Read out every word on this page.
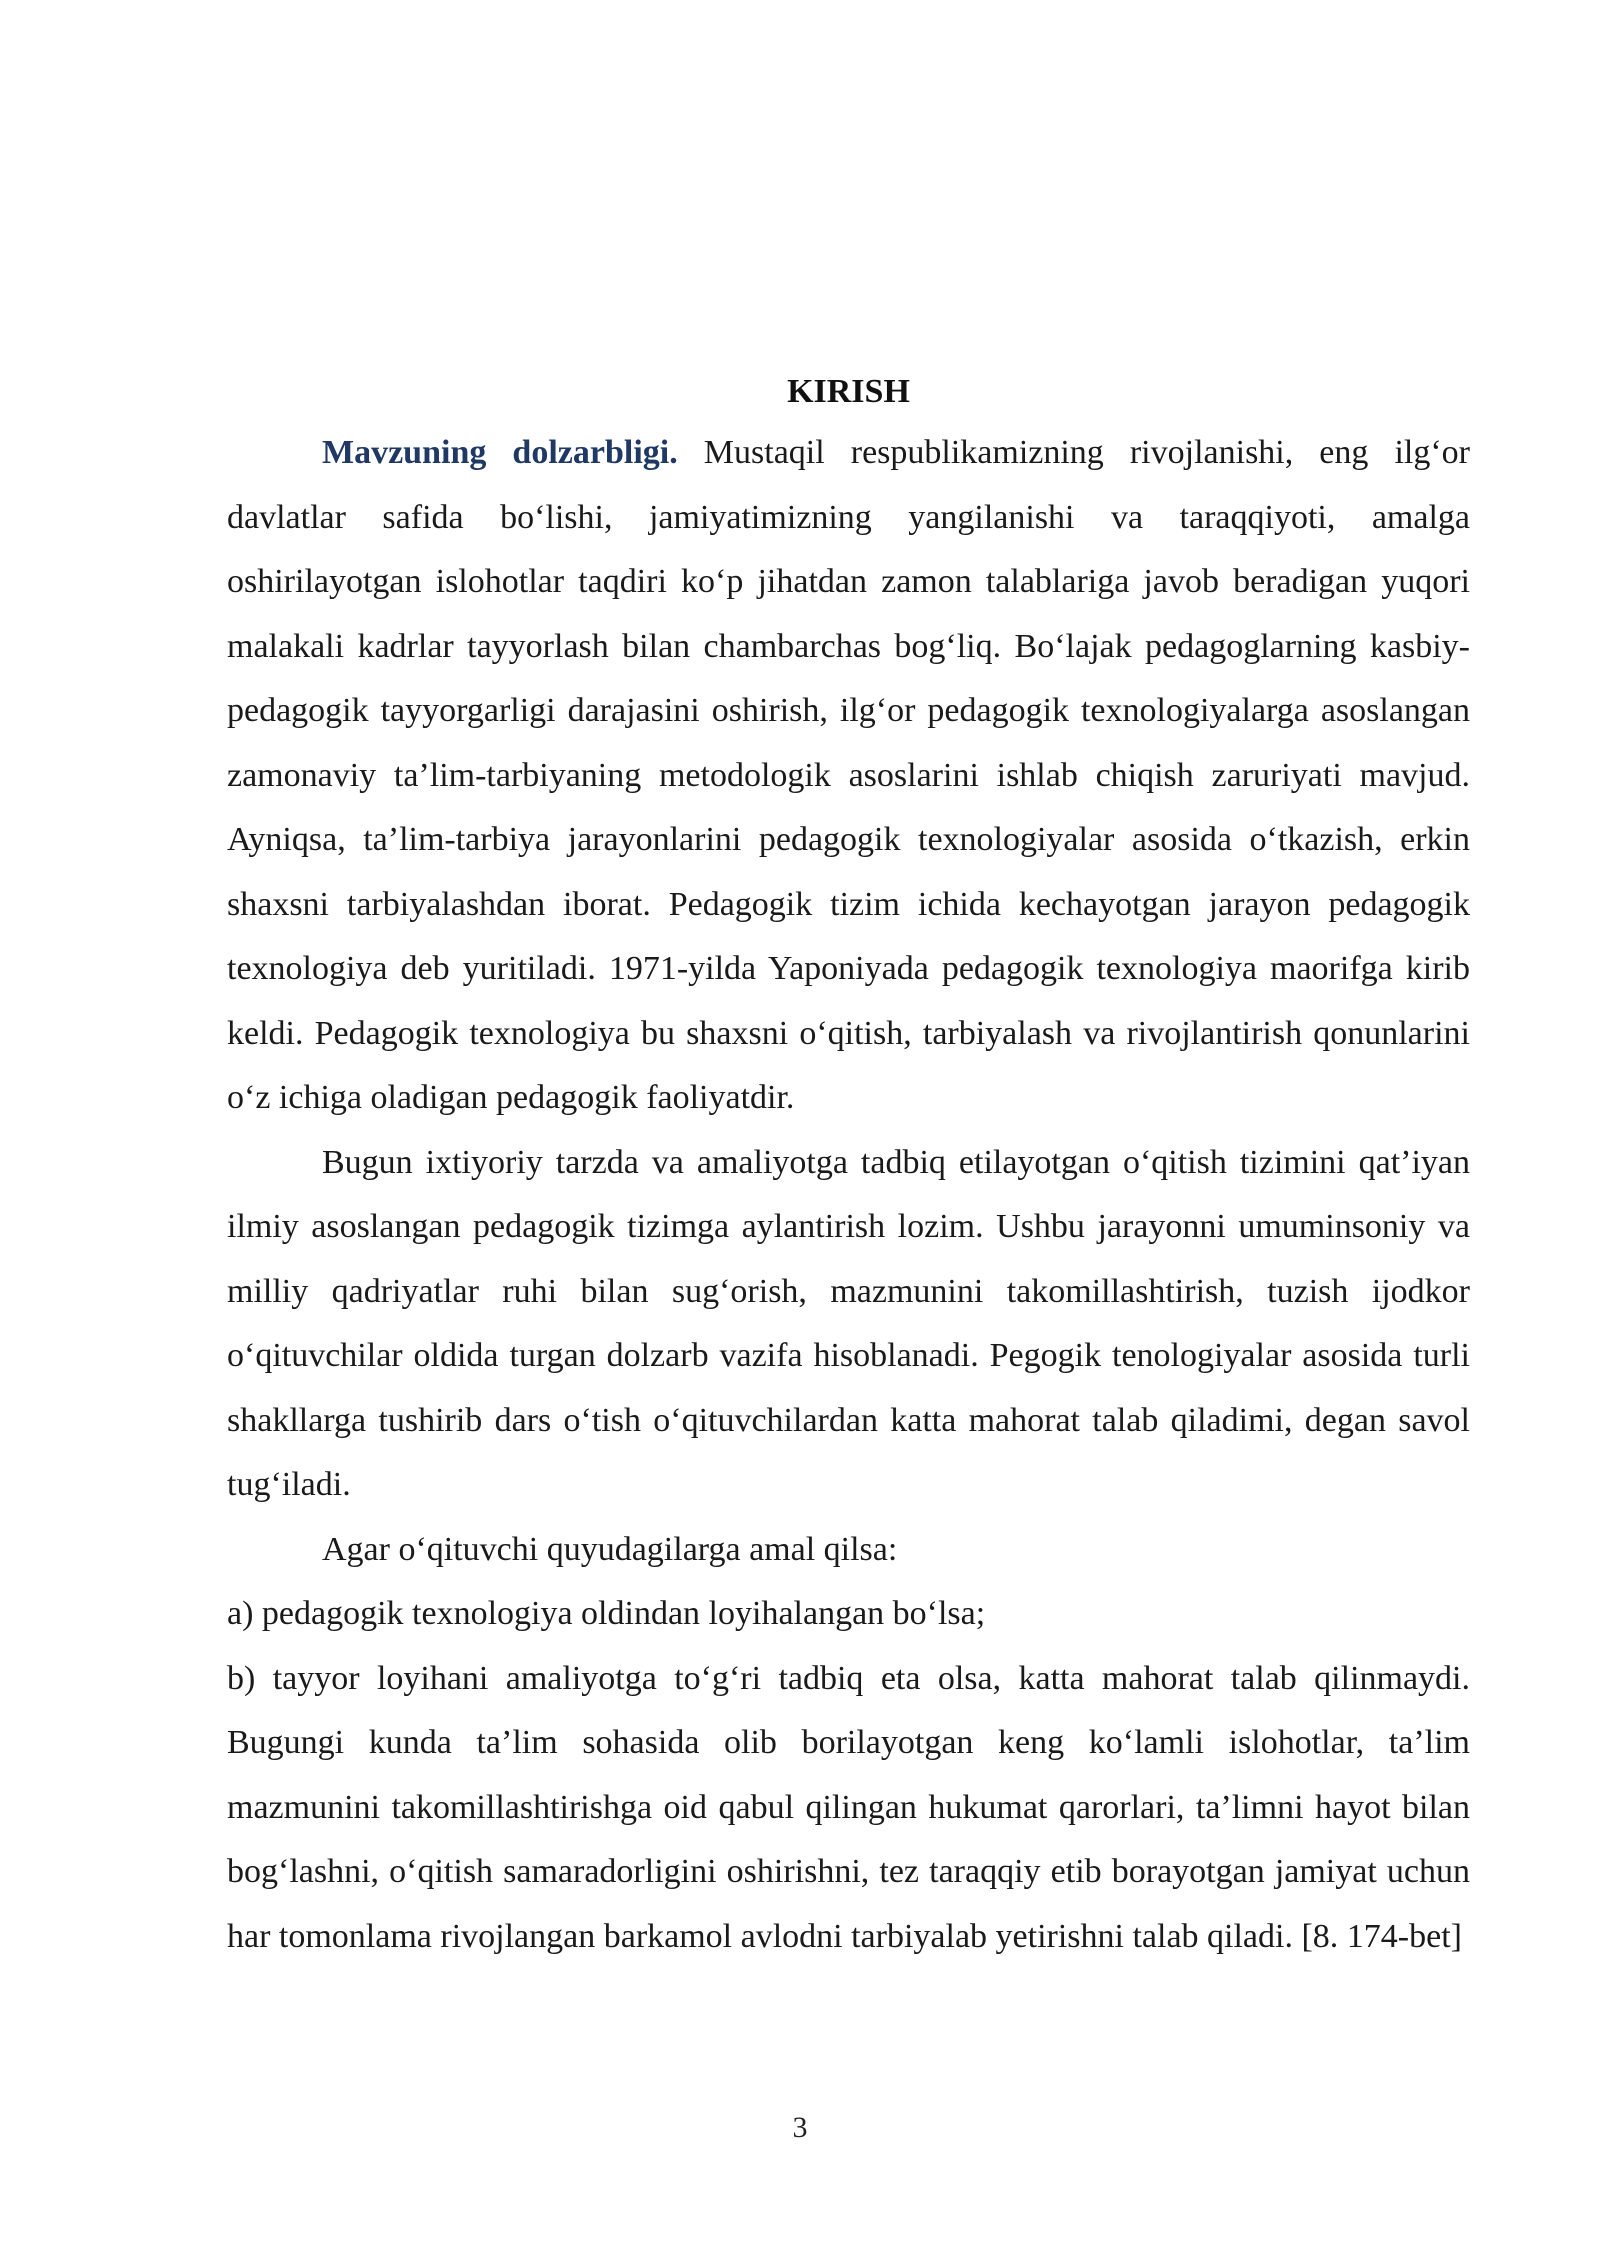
KIRISH

Mavzuning dolzarbligi. Mustaqil respublikamizning rivojlanishi, eng ilg‘or davlatlar safida bo‘lishi, jamiyatimizning yangilanishi va taraqqiyoti, amalga oshirilayotgan islohotlar taqdiri ko‘p jihatdan zamon talablariga javob beradigan yuqori malakali kadrlar tayyorlash bilan chambarchas bog‘liq. Bo‘lajak pedagoglarning kasbiy-pedagogik tayyorgarligi darajasini oshirish, ilg‘or pedagogik texnologiyalarga asoslangan zamonaviy ta’lim-tarbiyaning metodologik asoslarini ishlab chiqish zaruriyati mavjud. Ayniqsa, ta’lim-tarbiya jarayonlarini pedagogik texnologiyalar asosida o‘tkazish, erkin shaxsni tarbiyalashdan iborat. Pedagogik tizim ichida kechayotgan jarayon pedagogik texnologiya deb yuritiladi. 1971-yilda Yaponiyada pedagogik texnologiya maorifga kirib keldi. Pedagogik texnologiya bu shaxsni o‘qitish, tarbiyalash va rivojlantirish qonunlarini o‘z ichiga oladigan pedagogik faoliyatdir.

Bugun ixtiyoriy tarzda va amaliyotga tadbiq etilayotgan o‘qitish tizimini qat’iyan ilmiy asoslangan pedagogik tizimga aylantirish lozim. Ushbu jarayonni umuminsoniy va milliy qadriyatlar ruhi bilan sug‘orish, mazmunini takomillashtirish, tuzish ijodkor o‘qituvchilar oldida turgan dolzarb vazifa hisoblanadi. Pegogik tenologiyalar asosida turli shakllarga tushirib dars o‘tish o‘qituvchilardan katta mahorat talab qiladimi, degan savol tug‘iladi.

Agar o‘qituvchi quyudagilarga amal qilsa:

a) pedagogik texnologiya oldindan loyihalangan bo‘lsa;

b) tayyor loyihani amaliyotga to‘g‘ri tadbiq eta olsa, katta mahorat talab qilinmaydi. Bugungi kunda ta’lim sohasida olib borilayotgan keng ko‘lamli islohotlar, ta’lim mazmunini takomillashtirishga oid qabul qilingan hukumat qarorlari, ta’limni hayot bilan bog‘lashni, o‘qitish samaradorligini oshirishni, tez taraqqiy etib borayotgan jamiyat uchun har tomonlama rivojlangan barkamol avlodni tarbiyalab yetirishni talab qiladi. [8. 174-bet]

3
